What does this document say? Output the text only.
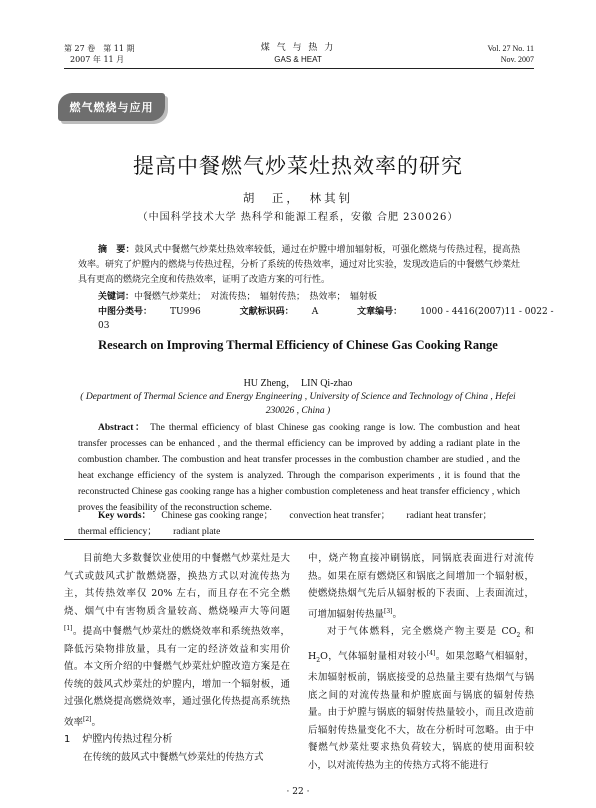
第 27 卷　第 11 期
2007 年 11 月
煤 气 与 热 力
GAS & HEAT
Vol. 27 No. 11
Nov. 2007
燃气燃烧与应用
提高中餐燃气炒菜灶热效率的研究
胡　正，　林其钊
（中国科学技术大学 热科学和能源工程系，安徽 合肥 230026）
摘　要：鼓风式中餐燃气炒菜灶热效率较低，通过在炉膛中增加辐射板，可强化燃烧与传热过程，提高热效率。研究了炉膛内的燃烧与传热过程，分析了系统的传热效率，通过对比实验，发现改造后的中餐燃气炒菜灶具有更高的燃烧完全度和传热效率，证明了改造方案的可行性。
关键词：中餐燃气炒菜灶；　对流传热；　辐射传热；　热效率；　辐射板
中图分类号： TU996	文献标识码： A	文章编号： 1000 - 4416(2007)11 - 0022 - 03
Research on Improving Thermal Efficiency of Chinese Gas Cooking Range
HU Zheng，　LIN Qi-zhao
( Department of Thermal Science and Energy Engineering , University of Science and Technology of China , Hefei 230026 , China )
Abstract： The thermal efficiency of blast Chinese gas cooking range is low. The combustion and heat transfer processes can be enhanced , and the thermal efficiency can be improved by adding a radiant plate in the combustion chamber. The combustion and heat transfer processes in the combustion chamber are studied , and the heat exchange efficiency of the system is analyzed. Through the comparison experiments , it is found that the reconstructed Chinese gas cooking range has a higher combustion completeness and heat transfer efficiency , which proves the feasibility of the reconstruction scheme.
Key words： Chinese gas cooking range； convection heat transfer； radiant heat transfer； thermal efficiency； radiant plate

目前绝大多数餐饮业使用的中餐燃气炒菜灶是大气式或鼓风式扩散燃烧器，换热方式以对流传热为主，其传热效率仅 20% 左右，而且存在不完全燃烧、烟气中有害物质含量较高、燃烧噪声大等问题[1]。提高中餐燃气炒菜灶的燃烧效率和系统热效率，降低污染物排放量，具有一定的经济效益和实用价值。本文所介绍的中餐燃气炒菜灶炉膛改造方案是在传统的鼓风式炒菜灶的炉膛内，增加一个辐射板，通过强化燃烧提高燃烧效率，通过强化传热提高系统热效率[2]。

1 炉膛内传热过程分析

在传统的鼓风式中餐燃气炒菜灶的传热方式

中，烧产物直接冲刷锅底，同锅底表面进行对流传热。如果在原有燃烧区和锅底之间增加一个辐射板，使燃烧热烟气先后从辐射板的下表面、上表面流过，可增加辐射传热量[3]。

对于气体燃料，完全燃烧产物主要是 $CO_2$ 和 $H_2O$，气体辐射量相对较小[4]。如果忽略气相辐射，未加辐射板前，锅底接受的总热量主要有热烟气与锅底之间的对流传热量和炉膛底面与锅底的辐射传热量。由于炉膛与锅底的辐射传热量较小，而且改造前后辐射传热量变化不大，故在分析时可忽略。由于中餐燃气炒菜灶要求热负荷较大，锅底的使用面积较小，以对流传热为主的传热方式将不能进行

· 22 ·
